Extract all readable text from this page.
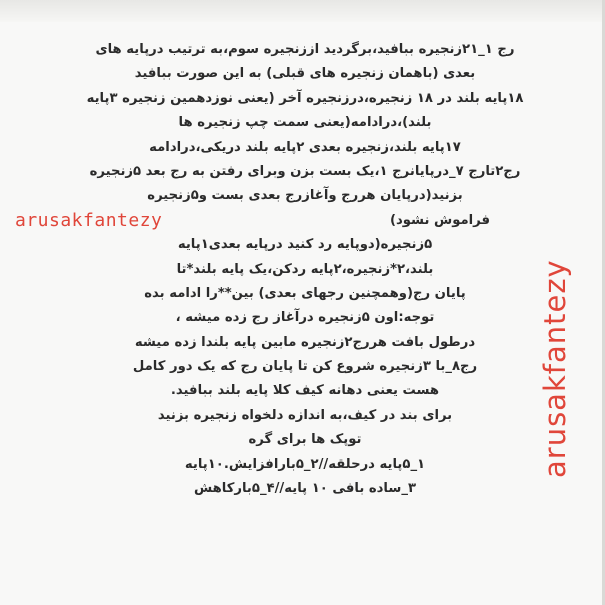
رج ۱_۲۱زنجیره ببافید،برگردید اززنجیره سوم،به ترتیب درپایه های
بعدی (باهمان زنجیره های قبلی) به این صورت ببافید
۱۸پایه بلند در ۱۸ زنجیره،درزنجیره آخر (یعنی نوزدهمین زنجیره ۳پایه
بلند)،درادامه(یعنی سمت چپ زنجیره ها
۱۷پایه بلند،زنجیره بعدی ۲پایه بلند دریکی،درادامه
رج۲تارج ۷_درپایانرج ۱،یک بست بزن وبرای رفتن به رج بعد ۵زنجیره
بزنید(درپایان هررج وآغازرج بعدی بست و۵زنجیره
فراموش نشود)
arusakfantezy
۵زنجیره(دوپایه رد کنید درپایه بعدی۱پایه
بلند،۲*زنجیره،۲پایه ردکن،یک پایه بلند*تا
پایان رج(وهمچنین رجهای بعدی) بین**را ادامه بده
توجه:اون ۵زنجیره درآغاز رج زده میشه ،
درطول بافت هررج۲زنجیره مابین پایه بلندا زده میشه
رج۸_با ۳زنجیره شروع کن تا پایان رج که یک دور کامل
هست یعنی دهانه کیف کلا پایه بلند ببافید.
برای بند در کیف،به اندازه دلخواه زنجیره بزنید
توپک ها برای گره
۱_۵پایه درحلقه//۲_۵بارافزایش.۱۰پایه
۳_ساده بافی ۱۰ پایه//۴_۵بارکاهش
arusakfantezy
